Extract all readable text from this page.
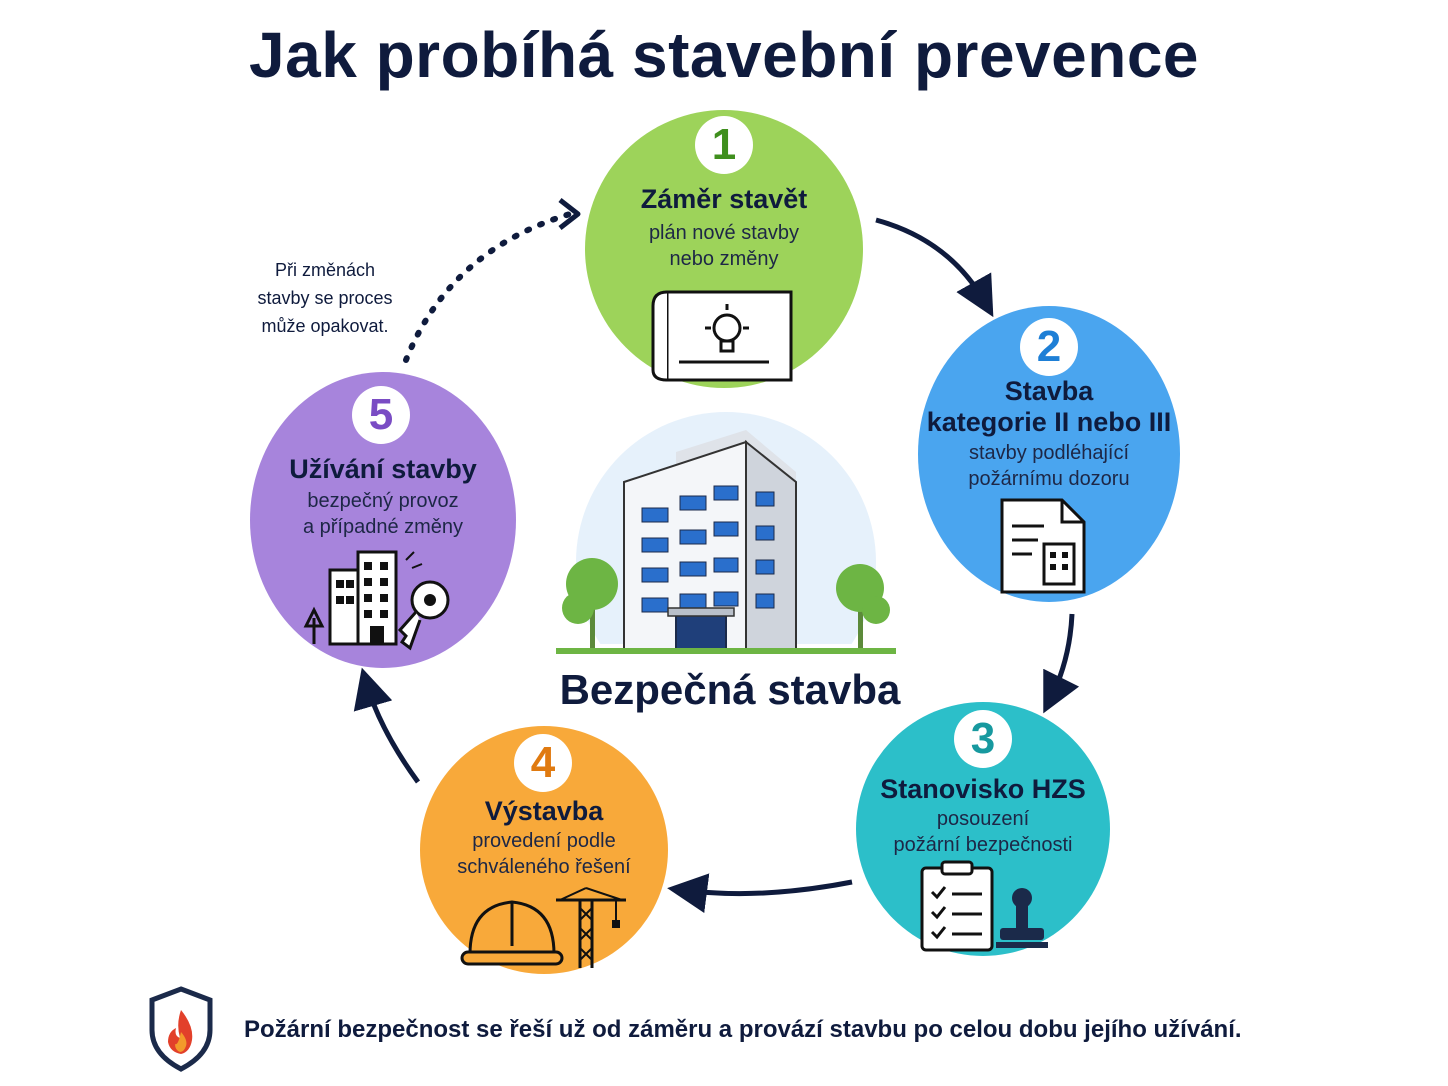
Jak probíhá stavební prevence
Při změnách
stavby se proces
může opakovat.
Bezpečná stavba
1
Záměr stavět
plán nové stavby
nebo změny
2
Stavba
kategorie II nebo III
stavby podléhající
požárnímu dozoru
3
Stanovisko HZS
posouzení
požární bezpečnosti
4
Výstavba
provedení podle
schváleného řešení
5
Užívání stavby
bezpečný provoz
a případné změny
Požární bezpečnost se řeší už od záměru a provází stavbu po celou dobu jejího užívání.
